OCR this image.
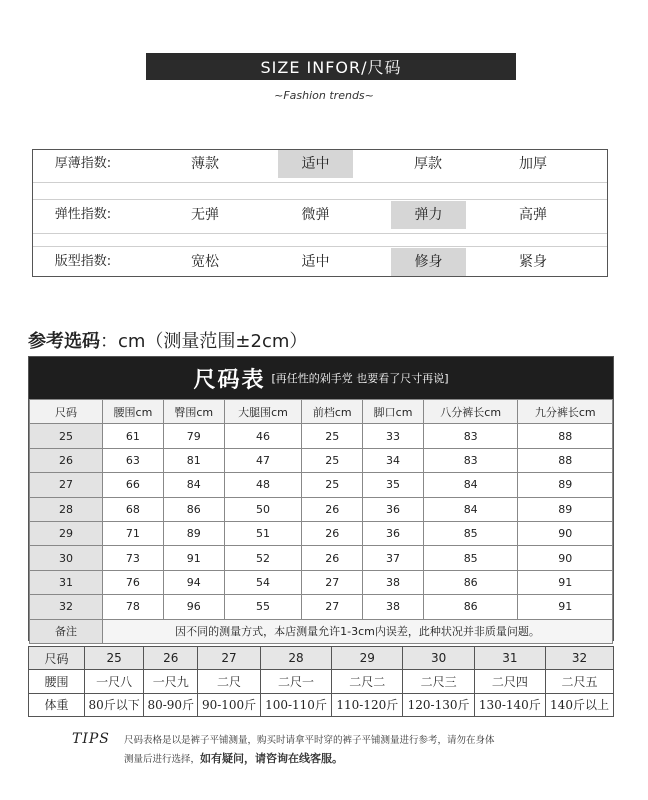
SIZE INFOR/尺码
~Fashion trends~
厚薄指数:	薄款	适中	厚款	加厚
弹性指数:	无弹	微弹	弹力	高弹
版型指数:	宽松	适中	修身	紧身
参考选码：cm（测量范围±2cm）
尺码表 [再任性的剁手党 也要看了尺寸再说]
尺码	腰围cm	臀围cm	大腿围cm	前档cm	脚口cm	八分裤长cm	九分裤长cm
25	61	79	46	25	33	83	88
26	63	81	47	25	34	83	88
27	66	84	48	25	35	84	89
28	68	86	50	26	36	84	89
29	71	89	51	26	36	85	90
30	73	91	52	26	37	85	90
31	76	94	54	27	38	86	91
32	78	96	55	27	38	86	91
备注	因不同的测量方式，本店测量允许1-3cm内误差，此种状况并非质量问题。						
尺码	25	26	27	28	29	30	31	32
腰围	一尺八	一尺九	二尺	二尺一	二尺二	二尺三	二尺四	二尺五
体重	80斤以下	80-90斤	90-100斤	100-110斤	110-120斤	120-130斤	130-140斤	140斤以上
TIPS 尺码表格是以是裤子平铺测量，购买时请拿平时穿的裤子平铺测量进行参考，请勿在身体
测量后进行选择，如有疑问，请咨询在线客服。
